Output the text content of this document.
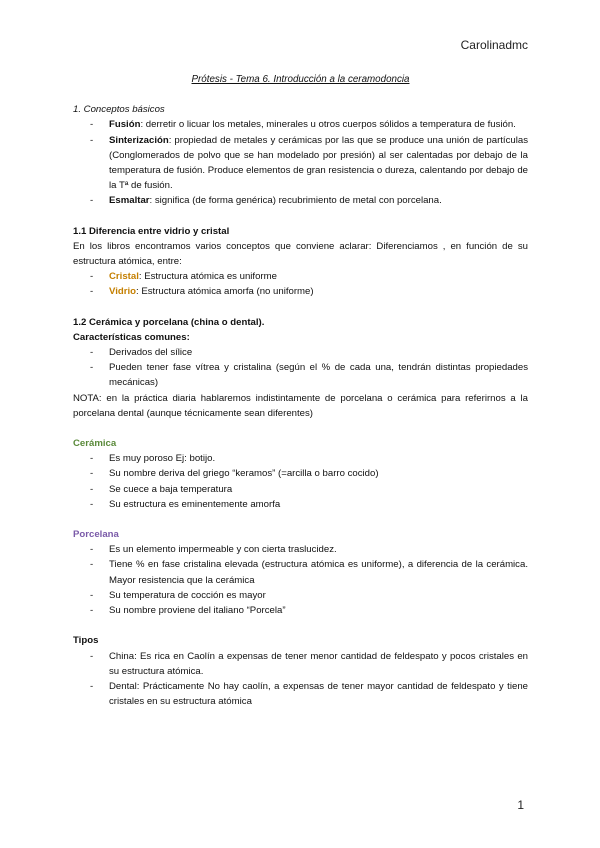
Carolinadmc
Prótesis - Tema 6. Introducción a la ceramodoncia
1. Conceptos básicos
- Fusión: derretir o licuar los metales, minerales u otros cuerpos sólidos a temperatura de fusión.
- Sinterización: propiedad de metales y cerámicas por las que se produce una unión de partículas (Conglomerados de polvo que se han modelado por presión) al ser calentadas por debajo de la temperatura de fusión. Produce elementos de gran resistencia o dureza, calentando por debajo de la Tª de fusión.
- Esmaltar: significa (de forma genérica) recubrimiento de metal con porcelana.
1.1 Diferencia entre vidrio y cristal

En los libros encontramos varios conceptos que conviene aclarar: Diferenciamos , en función de su estructura atómica, entre:

- Cristal: Estructura atómica es uniforme
- Vidrio: Estructura atómica amorfa (no uniforme)
1.2 Cerámica y porcelana (china o dental).
Características comunes:
- Derivados del sílice
- Pueden tener fase vítrea y cristalina (según el % de cada una, tendrán distintas propiedades mecánicas)

NOTA: en la práctica diaria hablaremos indistintamente de porcelana o cerámica para referirnos a la porcelana dental (aunque técnicamente sean diferentes)

Cerámica
- Es muy poroso Ej: botijo.
- Su nombre deriva del griego “keramos” (=arcilla o barro cocido)
- Se cuece a baja temperatura
- Su estructura es eminentemente amorfa
Porcelana
- Es un elemento impermeable y con cierta traslucidez.
- Tiene % en fase cristalina elevada (estructura atómica es uniforme), a diferencia de la cerámica. Mayor resistencia que la cerámica
- Su temperatura de cocción es mayor
- Su nombre proviene del italiano “Porcela”
Tipos
- China: Es rica en Caolín a expensas de tener menor cantidad de feldespato y pocos cristales en su estructura atómica.
- Dental: Prácticamente No hay caolín, a expensas de tener mayor cantidad de feldespato y tiene cristales en su estructura atómica
1
